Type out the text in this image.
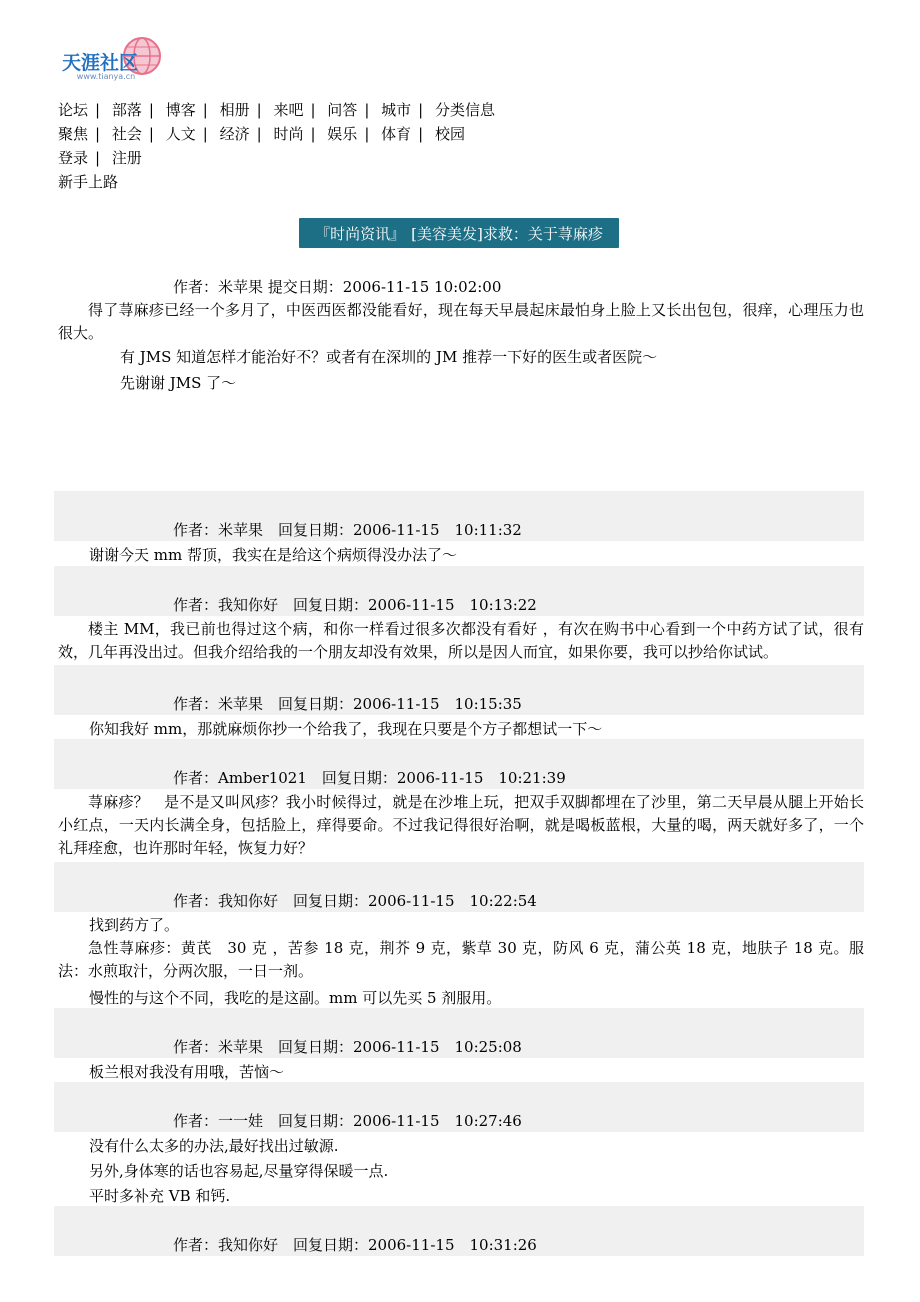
天涯社区
www.tianya.cn
论坛 | 部落 | 博客 | 相册 | 来吧 | 问答 | 城市 | 分类信息
聚焦 | 社会 | 人文 | 经济 | 时尚 | 娱乐 | 体育 | 校园
登录 | 注册
新手上路
『时尚资讯』 [美容美发]求救：关于荨麻疹
作者：米苹果 提交日期：2006-11-15 10:02:00
得了荨麻疹已经一个多月了，中医西医都没能看好，现在每天早晨起床最怕身上脸上又长出包包，很痒，心理压力也很大。
有 JMS 知道怎样才能治好不？或者有在深圳的 JM 推荐一下好的医生或者医院～
先谢谢 JMS 了～
作者：米苹果　回复日期：2006-11-15　10:11:32
谢谢今天 mm 帮顶，我实在是给这个病烦得没办法了～
作者：我知你好　回复日期：2006-11-15　10:13:22
楼主 MM，我已前也得过这个病，和你一样看过很多次都没有看好 ，有次在购书中心看到一个中药方试了试，很有效，几年再没出过。但我介绍给我的一个朋友却没有效果，所以是因人而宜，如果你要，我可以抄给你试试。
作者：米苹果　回复日期：2006-11-15　10:15:35
你知我好 mm，那就麻烦你抄一个给我了，我现在只要是个方子都想试一下～
作者：Amber1021　回复日期：2006-11-15　10:21:39
荨麻疹？　是不是又叫风疹？我小时候得过，就是在沙堆上玩，把双手双脚都埋在了沙里，第二天早晨从腿上开始长小红点，一天内长满全身，包括脸上，痒得要命。不过我记得很好治啊，就是喝板蓝根，大量的喝，两天就好多了，一个礼拜痊愈，也许那时年轻，恢复力好？
作者：我知你好　回复日期：2006-11-15　10:22:54
找到药方了。
急性荨麻疹：黄芪　30 克 ，苦参 18 克，荆芥 9 克，紫草 30 克，防风 6 克，蒲公英 18 克，地肤子 18 克。服法：水煎取汁，分两次服，一日一剂。
慢性的与这个不同，我吃的是这副。mm 可以先买 5 剂服用。
作者：米苹果　回复日期：2006-11-15　10:25:08
板兰根对我没有用哦，苦恼～
作者：一一娃　回复日期：2006-11-15　10:27:46
没有什么太多的办法,最好找出过敏源.
另外,身体寒的话也容易起,尽量穿得保暖一点.
平时多补充 VB 和钙.
作者：我知你好　回复日期：2006-11-15　10:31:26
